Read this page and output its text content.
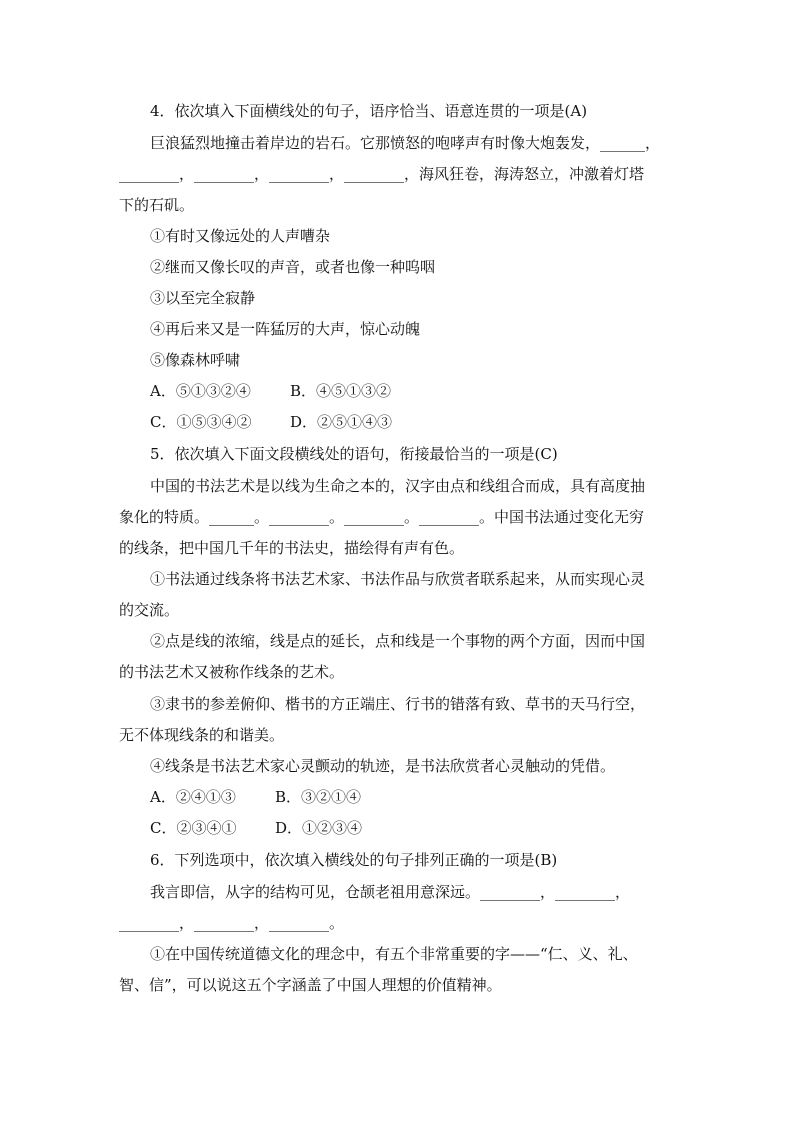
4．依次填入下面横线处的句子，语序恰当、语意连贯的一项是(A)
巨浪猛烈地撞击着岸边的岩石。它那愤怒的咆哮声有时像大炮轰发，______，
________，________，________，________，海风狂卷，海涛怒立，冲激着灯塔
下的石矶。
①有时又像远处的人声嘈杂
②继而又像长叹的声音，或者也像一种呜咽
③以至完全寂静
④再后来又是一阵猛厉的大声，惊心动魄
⑤像森林呼啸
A．⑤①③②④	B．④⑤①③②
C．①⑤③④②	D．②⑤①④③
5．依次填入下面文段横线处的语句，衔接最恰当的一项是(C)
中国的书法艺术是以线为生命之本的，汉字由点和线组合而成，具有高度抽
象化的特质。______。________。________。________。中国书法通过变化无穷
的线条，把中国几千年的书法史，描绘得有声有色。
①书法通过线条将书法艺术家、书法作品与欣赏者联系起来，从而实现心灵
的交流。
②点是线的浓缩，线是点的延长，点和线是一个事物的两个方面，因而中国
的书法艺术又被称作线条的艺术。
③隶书的参差俯仰、楷书的方正端庄、行书的错落有致、草书的天马行空，
无不体现线条的和谐美。
④线条是书法艺术家心灵颤动的轨迹，是书法欣赏者心灵触动的凭借。
A．②④①③	B．③②①④
C．②③④①	D．①②③④
6．下列选项中，依次填入横线处的句子排列正确的一项是(B)
我言即信，从字的结构可见，仓颉老祖用意深远。________，________，
________，________，________。
①在中国传统道德文化的理念中，有五个非常重要的字——“仁、义、礼、
智、信”，可以说这五个字涵盖了中国人理想的价值精神。
